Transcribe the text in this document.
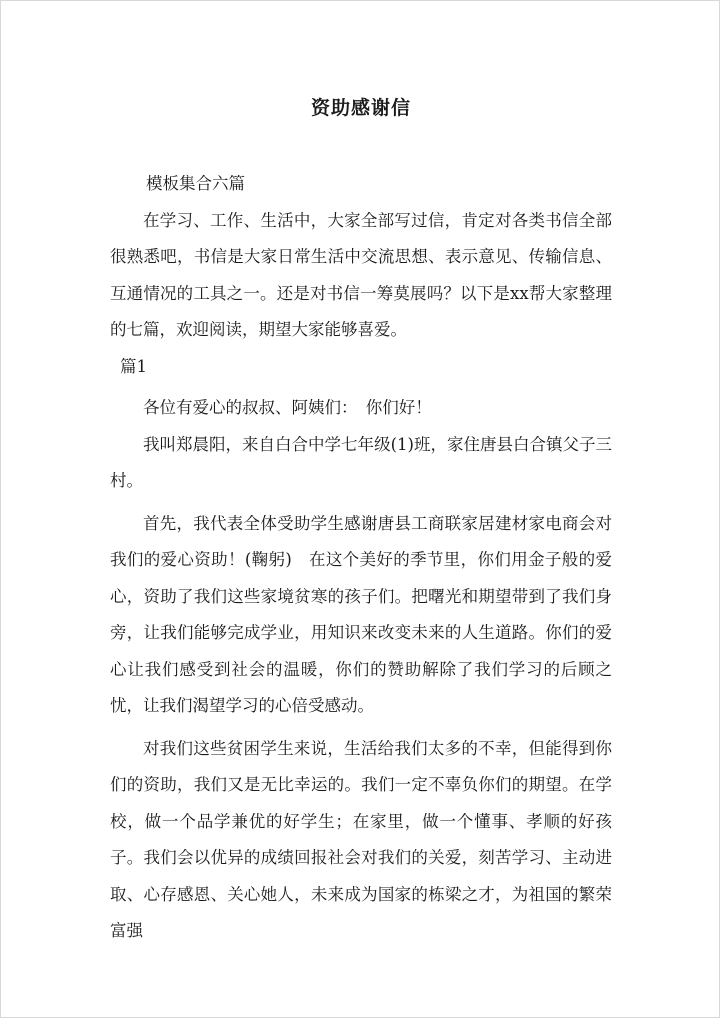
资助感谢信

模板集合六篇

在学习、工作、生活中，大家全部写过信，肯定对各类书信全部很熟悉吧，书信是大家日常生活中交流思想、表示意见、传输信息、互通情况的工具之一。还是对书信一筹莫展吗？以下是xx帮大家整理的七篇，欢迎阅读，期望大家能够喜爱。

篇1

各位有爱心的叔叔、阿姨们：　你们好！

我叫郑晨阳，来自白合中学七年级(1)班，家住唐县白合镇父子三村。

首先，我代表全体受助学生感谢唐县工商联家居建材家电商会对我们的爱心资助！(鞠躬)　在这个美好的季节里，你们用金子般的爱心，资助了我们这些家境贫寒的孩子们。把曙光和期望带到了我们身旁，让我们能够完成学业，用知识来改变未来的人生道路。你们的爱心让我们感受到社会的温暖，你们的赞助解除了我们学习的后顾之忧，让我们渴望学习的心倍受感动。

对我们这些贫困学生来说，生活给我们太多的不幸，但能得到你们的资助，我们又是无比幸运的。我们一定不辜负你们的期望。在学校，做一个品学兼优的好学生；在家里，做一个懂事、孝顺的好孩子。我们会以优异的成绩回报社会对我们的关爱，刻苦学习、主动进取、心存感恩、关心她人，未来成为国家的栋梁之才，为祖国的繁荣富强
